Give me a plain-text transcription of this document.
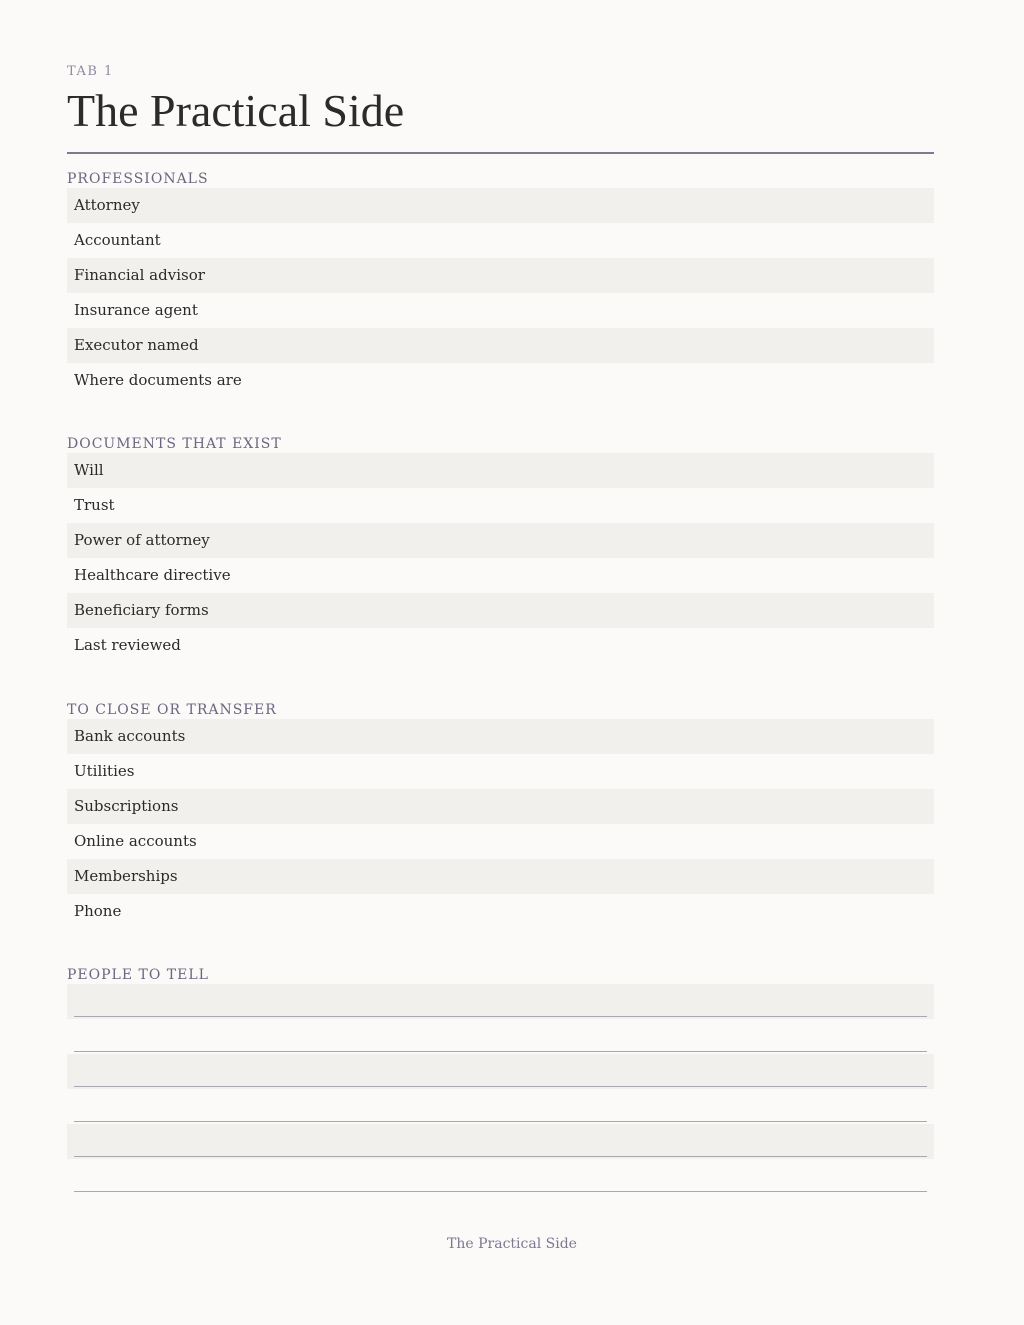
TAB 1
The Practical Side
PROFESSIONALS
Attorney
Accountant
Financial advisor
Insurance agent
Executor named
Where documents are
DOCUMENTS THAT EXIST
Will
Trust
Power of attorney
Healthcare directive
Beneficiary forms
Last reviewed
TO CLOSE OR TRANSFER
Bank accounts
Utilities
Subscriptions
Online accounts
Memberships
Phone
PEOPLE TO TELL
The Practical Side
